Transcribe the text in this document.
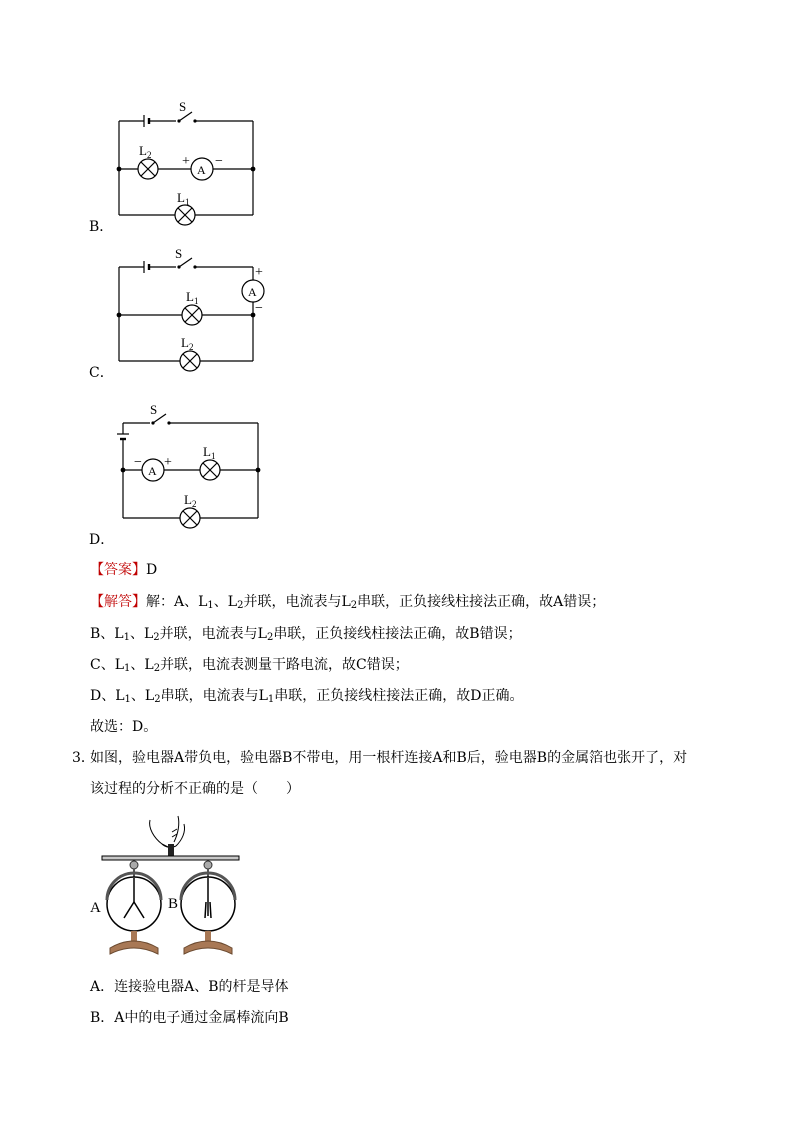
S
$L_2$
$L_1$
A
+ −
B．
S
$L_1$
$L_2$
A
+
−
C．
S
$L_1$
$L_2$
A
− +
D．
【答案】D
【解答】解：A、$L_1$、$L_2$并联，电流表与$L_2$串联，正负接线柱接法正确，故A错误；
B、$L_1$、$L_2$并联，电流表与$L_2$串联，正负接线柱接法正确，故B错误；
C、$L_1$、$L_2$并联，电流表测量干路电流，故C错误；
D、$L_1$、$L_2$串联，电流表与$L_1$串联，正负接线柱接法正确，故D正确。
故选：D。
3．
如图，验电器A带负电，验电器B不带电，用一根杆连接A和B后，验电器B的金属箔也张开了，对
该过程的分析不正确的是（　　）
A	B
A．连接验电器A、B的杆是导体
B．A中的电子通过金属棒流向B
